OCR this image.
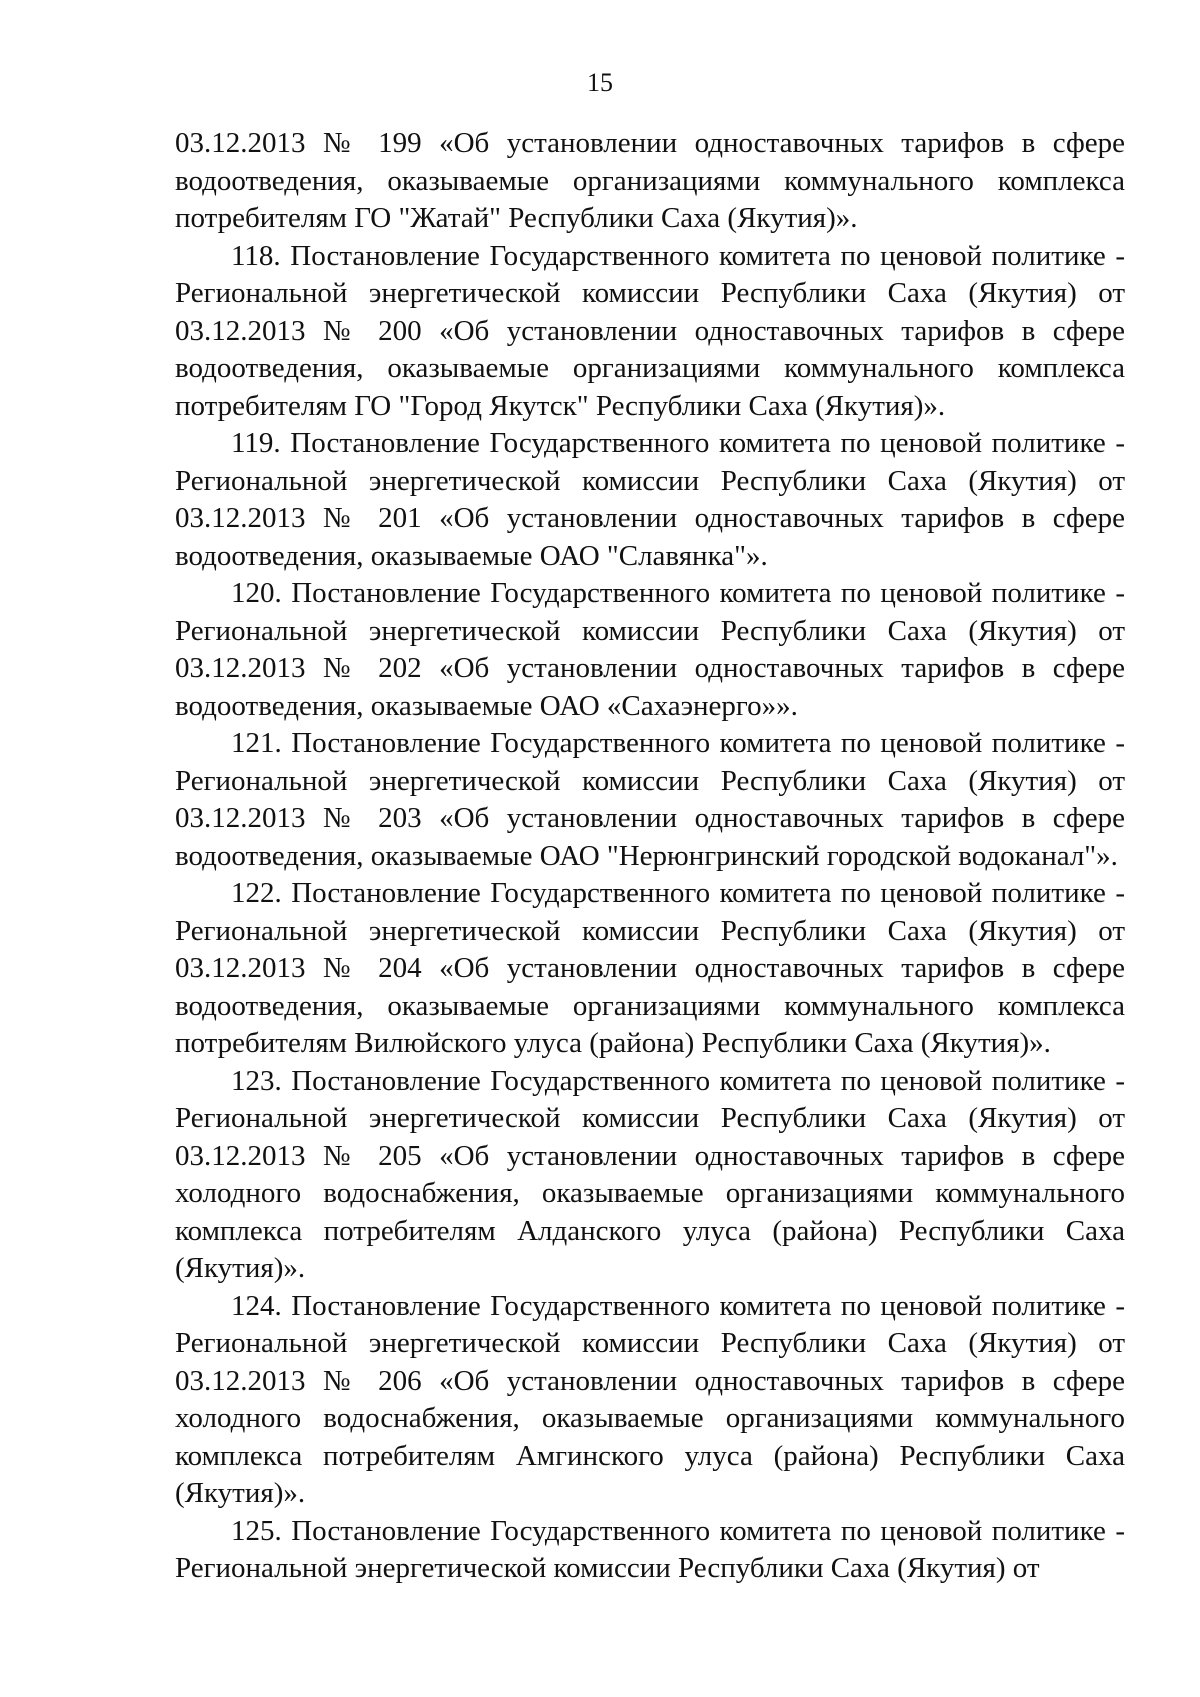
15

03.12.2013 № 199 «Об установлении одноставочных тарифов в сфере водоотведения, оказываемые организациями коммунального комплекса потребителям ГО "Жатай" Республики Саха (Якутия)».

118. Постановление Государственного комитета по ценовой политике - Региональной энергетической комиссии Республики Саха (Якутия) от 03.12.2013 № 200 «Об установлении одноставочных тарифов в сфере водоотведения, оказываемые организациями коммунального комплекса потребителям ГО "Город Якутск" Республики Саха (Якутия)».

119. Постановление Государственного комитета по ценовой политике - Региональной энергетической комиссии Республики Саха (Якутия) от 03.12.2013 № 201 «Об установлении одноставочных тарифов в сфере водоотведения, оказываемые ОАО "Славянка"».

120. Постановление Государственного комитета по ценовой политике - Региональной энергетической комиссии Республики Саха (Якутия) от 03.12.2013 № 202 «Об установлении одноставочных тарифов в сфере водоотведения, оказываемые ОАО «Сахаэнерго»».

121. Постановление Государственного комитета по ценовой политике - Региональной энергетической комиссии Республики Саха (Якутия) от 03.12.2013 № 203 «Об установлении одноставочных тарифов в сфере водоотведения, оказываемые ОАО "Нерюнгринский городской водоканал"».

122. Постановление Государственного комитета по ценовой политике - Региональной энергетической комиссии Республики Саха (Якутия) от 03.12.2013 № 204 «Об установлении одноставочных тарифов в сфере водоотведения, оказываемые организациями коммунального комплекса потребителям Вилюйского улуса (района) Республики Саха (Якутия)».

123. Постановление Государственного комитета по ценовой политике - Региональной энергетической комиссии Республики Саха (Якутия) от 03.12.2013 № 205 «Об установлении одноставочных тарифов в сфере холодного водоснабжения, оказываемые организациями коммунального комплекса потребителям Алданского улуса (района) Республики Саха (Якутия)».

124. Постановление Государственного комитета по ценовой политике - Региональной энергетической комиссии Республики Саха (Якутия) от 03.12.2013 № 206 «Об установлении одноставочных тарифов в сфере холодного водоснабжения, оказываемые организациями коммунального комплекса потребителям Амгинского улуса (района) Республики Саха (Якутия)».

125. Постановление Государственного комитета по ценовой политике - Региональной энергетической комиссии Республики Саха (Якутия) от
